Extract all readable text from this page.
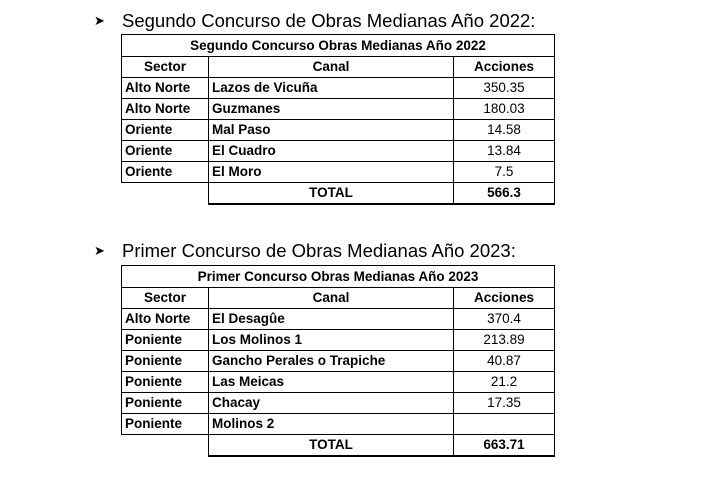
➤ Segundo Concurso de Obras Medianas Año 2022:
Segundo Concurso Obras Medianas Año 2022		
Sector	Canal	Acciones
Alto Norte	Lazos de Vicuña	350.35
Alto Norte	Guzmanes	180.03
Oriente	Mal Paso	14.58
Oriente	El Cuadro	13.84
Oriente	El Moro	7.5
	TOTAL	566.3
➤ Primer Concurso de Obras Medianas Año 2023:
Primer Concurso Obras Medianas Año 2023		
Sector	Canal	Acciones
Alto Norte	El Desagûe	370.4
Poniente	Los Molinos 1	213.89
Poniente	Gancho Perales o Trapiche	40.87
Poniente	Las Meicas	21.2
Poniente	Chacay	17.35
Poniente	Molinos 2	
	TOTAL	663.71
